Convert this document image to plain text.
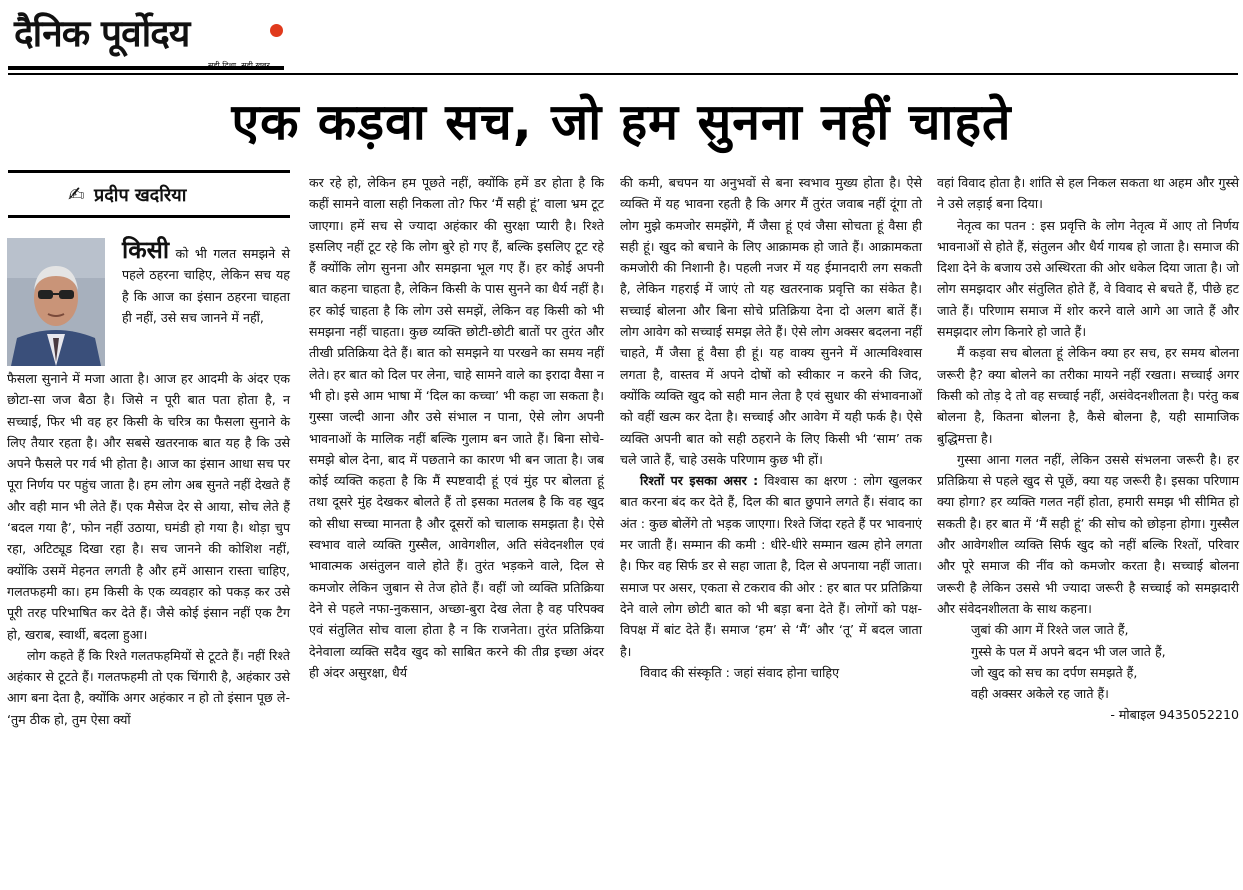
दैनिक पूर्वोदय
एक कड़वा सच, जो हम सुनना नहीं चाहते
✍ प्रदीप खदरिया

किसी को भी गलत समझने से पहले ठहरना चाहिए, लेकिन सच यह है कि आज का इंसान ठहरना चाहता ही नहीं, उसे सच जानने में नहीं,

फैसला सुनाने में मजा आता है। आज हर आदमी के अंदर एक छोटा-सा जज बैठा है। जिसे न पूरी बात पता होता है, न सच्चाई, फिर भी वह हर किसी के चरित्र का फैसला सुनाने के लिए तैयार रहता है। और सबसे खतरनाक बात यह है कि उसे अपने फैसले पर गर्व भी होता है। आज का इंसान आधा सच पर पूरा निर्णय पर पहुंच जाता है। हम लोग अब सुनते नहीं देखते हैं और वही मान भी लेते हैं। एक मैसेज देर से आया, सोच लेते हैं ‘बदल गया है’, फोन नहीं उठाया, घमंडी हो गया है। थोड़ा चुप रहा, अटिट्यूड दिखा रहा है। सच जानने की कोशिश नहीं, क्योंकि उसमें मेहनत लगती है और हमें आसान रास्ता चाहिए, गलतफहमी का। हम किसी के एक व्यवहार को पकड़ कर उसे पूरी तरह परिभाषित कर देते हैं। जैसे कोई इंसान नहीं एक टैग हो, खराब, स्वार्थी, बदला हुआ।

लोग कहते हैं कि रिश्ते गलतफहमियों से टूटते हैं। नहीं रिश्ते अहंकार से टूटते हैं। गलतफहमी तो एक चिंगारी है, अहंकार उसे आग बना देता है, क्योंकि अगर अहंकार न हो तो इंसान पूछ ले- ‘तुम ठीक हो, तुम ऐसा क्यों

कर रहे हो, लेकिन हम पूछते नहीं, क्योंकि हमें डर होता है कि कहीं सामने वाला सही निकला तो? फिर ‘मैं सही हूं’ वाला भ्रम टूट जाएगा। हमें सच से ज्यादा अहंकार की सुरक्षा प्यारी है। रिश्ते इसलिए नहीं टूट रहे कि लोग बुरे हो गए हैं, बल्कि इसलिए टूट रहे हैं क्योंकि लोग सुनना और समझना भूल गए हैं। हर कोई अपनी बात कहना चाहता है, लेकिन किसी के पास सुनने का धैर्य नहीं है। हर कोई चाहता है कि लोग उसे समझें, लेकिन वह किसी को भी समझना नहीं चाहता। कुछ व्यक्ति छोटी-छोटी बातों पर तुरंत और तीखी प्रतिक्रिया देते हैं। बात को समझने या परखने का समय नहीं लेते। हर बात को दिल पर लेना, चाहे सामने वाले का इरादा वैसा न भी हो। इसे आम भाषा में ‘दिल का कच्चा’ भी कहा जा सकता है। गुस्सा जल्दी आना और उसे संभाल न पाना, ऐसे लोग अपनी भावनाओं के मालिक नहीं बल्कि गुलाम बन जाते हैं। बिना सोचे-समझे बोल देना, बाद में पछताने का कारण भी बन जाता है। जब कोई व्यक्ति कहता है कि मैं स्पष्टवादी हूं एवं मुंह पर बोलता हूं तथा दूसरे मुंह देखकर बोलते हैं तो इसका मतलब है कि वह खुद को सीधा सच्चा मानता है और दूसरों को चालाक समझता है। ऐसे स्वभाव वाले व्यक्ति गुस्सैल, आवेगशील, अति संवेदनशील एवं भावात्मक असंतुलन वाले होते हैं। तुरंत भड़कने वाले, दिल से कमजोर लेकिन जुबान से तेज होते हैं। वहीं जो व्यक्ति प्रतिक्रिया देने से पहले नफा-नुकसान, अच्छा-बुरा देख लेता है वह परिपक्व एवं संतुलित सोच वाला होता है न कि राजनेता। तुरंत प्रतिक्रिया देनेवाला व्यक्ति सदैव खुद को साबित करने की तीव्र इच्छा अंदर ही अंदर असुरक्षा, धैर्य

की कमी, बचपन या अनुभवों से बना स्वभाव मुख्य होता है। ऐसे व्यक्ति में यह भावना रहती है कि अगर मैं तुरंत जवाब नहीं दूंगा तो लोग मुझे कमजोर समझेंगे, मैं जैसा हूं एवं जैसा सोचता हूं वैसा ही सही हूं। खुद को बचाने के लिए आक्रामक हो जाते हैं। आक्रामकता कमजोरी की निशानी है। पहली नजर में यह ईमानदारी लग सकती है, लेकिन गहराई में जाएं तो यह खतरनाक प्रवृत्ति का संकेत है। सच्चाई बोलना और बिना सोचे प्रतिक्रिया देना दो अलग बातें हैं। लोग आवेग को सच्चाई समझ लेते हैं। ऐसे लोग अक्सर बदलना नहीं चाहते, मैं जैसा हूं वैसा ही हूं। यह वाक्य सुनने में आत्मविश्वास लगता है, वास्तव में अपने दोषों को स्वीकार न करने की जिद, क्योंकि व्यक्ति खुद को सही मान लेता है एवं सुधार की संभावनाओं को वहीं खत्म कर देता है। सच्चाई और आवेग में यही फर्क है। ऐसे व्यक्ति अपनी बात को सही ठहराने के लिए किसी भी ‘साम’ तक चले जाते हैं, चाहे उसके परिणाम कुछ भी हों।

रिश्तों पर इसका असर : विश्वास का क्षरण : लोग खुलकर बात करना बंद कर देते हैं, दिल की बात छुपाने लगते हैं। संवाद का अंत : कुछ बोलेंगे तो भड़क जाएगा। रिश्ते जिंदा रहते हैं पर भावनाएं मर जाती हैं। सम्मान की कमी : धीरे-धीरे सम्मान खत्म होने लगता है। फिर वह सिर्फ डर से सहा जाता है, दिल से अपनाया नहीं जाता। समाज पर असर, एकता से टकराव की ओर : हर बात पर प्रतिक्रिया देने वाले लोग छोटी बात को भी बड़ा बना देते हैं। लोगों को पक्ष-विपक्ष में बांट देते हैं। समाज ‘हम’ से ‘मैं’ और ‘तू’ में बदल जाता है।

विवाद की संस्कृति : जहां संवाद होना चाहिए

वहां विवाद होता है। शांति से हल निकल सकता था अहम और गुस्से ने उसे लड़ाई बना दिया।

नेतृत्व का पतन : इस प्रवृत्ति के लोग नेतृत्व में आए तो निर्णय भावनाओं से होते हैं, संतुलन और धैर्य गायब हो जाता है। समाज की दिशा देने के बजाय उसे अस्थिरता की ओर धकेल दिया जाता है। जो लोग समझदार और संतुलित होते हैं, वे विवाद से बचते हैं, पीछे हट जाते हैं। परिणाम समाज में शोर करने वाले आगे आ जाते हैं और समझदार लोग किनारे हो जाते हैं।

मैं कड़वा सच बोलता हूं लेकिन क्या हर सच, हर समय बोलना जरूरी है? क्या बोलने का तरीका मायने नहीं रखता। सच्चाई अगर किसी को तोड़ दे तो वह सच्चाई नहीं, असंवेदनशीलता है। परंतु कब बोलना है, कितना बोलना है, कैसे बोलना है, यही सामाजिक बुद्धिमत्ता है।

गुस्सा आना गलत नहीं, लेकिन उससे संभलना जरूरी है। हर प्रतिक्रिया से पहले खुद से पूछें, क्या यह जरूरी है। इसका परिणाम क्या होगा? हर व्यक्ति गलत नहीं होता, हमारी समझ भी सीमित हो सकती है। हर बात में ‘मैं सही हूं’ की सोच को छोड़ना होगा। गुस्सैल और आवेगशील व्यक्ति सिर्फ खुद को नहीं बल्कि रिश्तों, परिवार और पूरे समाज की नींव को कमजोर करता है। सच्चाई बोलना जरूरी है लेकिन उससे भी ज्यादा जरूरी है सच्चाई को समझदारी और संवेदनशीलता के साथ कहना।

जुबां की आग में रिश्ते जल जाते हैं,

गुस्से के पल में अपने बदन भी जल जाते हैं,

जो खुद को सच का दर्पण समझते हैं,

वही अक्सर अकेले रह जाते हैं।

- मोबाइल 9435052210
